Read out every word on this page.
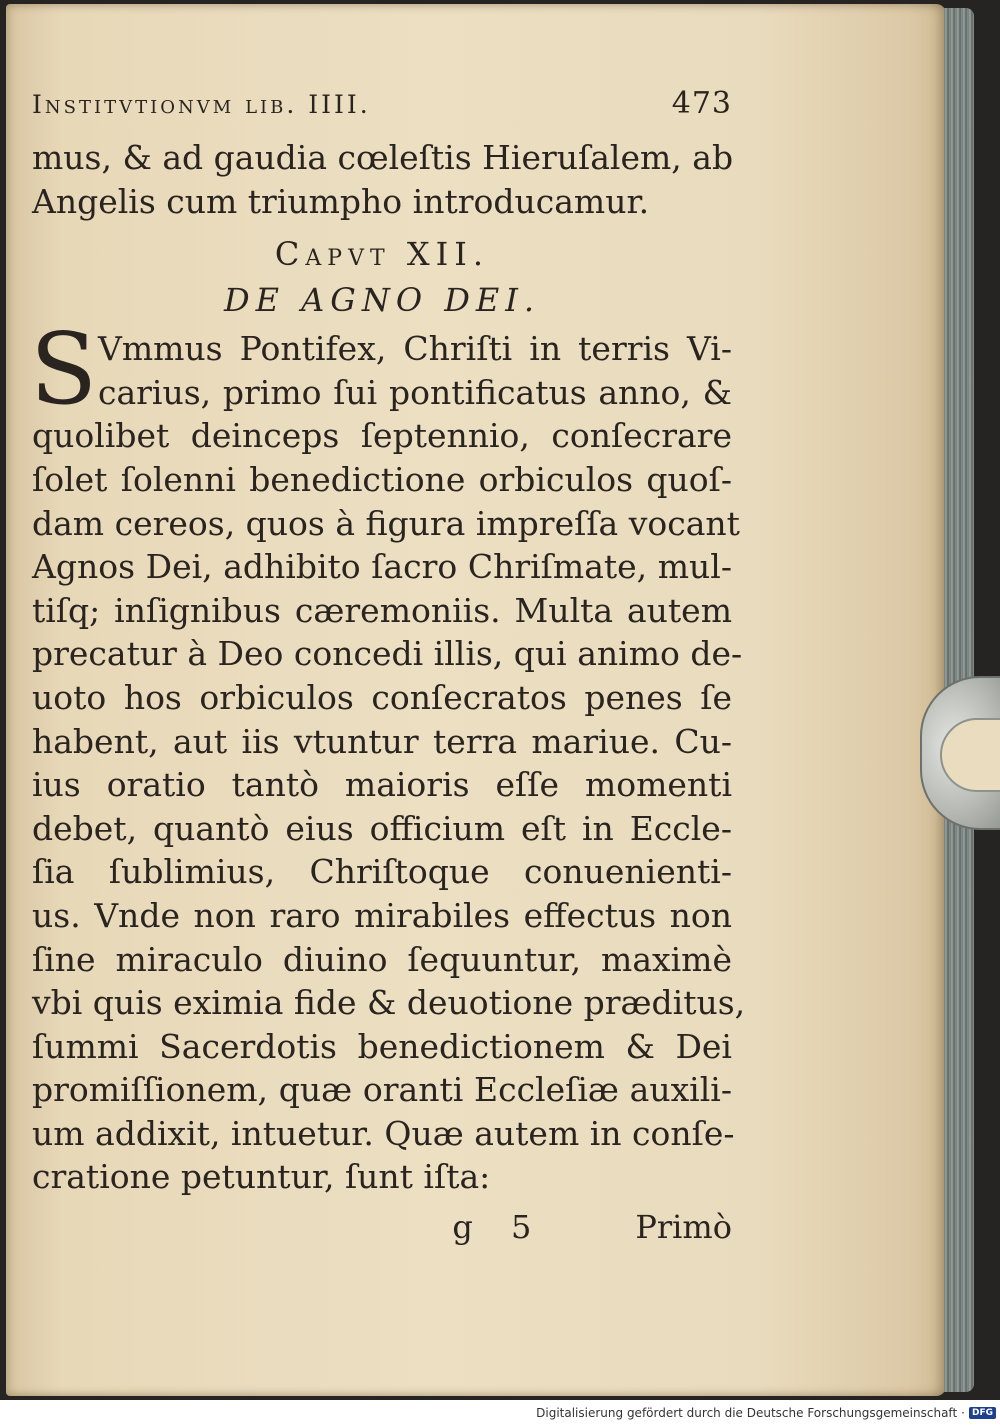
Institvtionvm lib. IIII.	473
mus, & ad gaudia cœleſtis Hieruſalem, ab
Angelis cum triumpho introducamur.
Capvt XII.
DE AGNO DEI.
S Vmmus Pontifex, Chriſti in terris Vi-
carius, primo ſui pontificatus anno, &
quolibet deinceps ſeptennio, conſecrare
ſolet ſolenni benedictione orbiculos quoſ-
dam cereos, quos à figura impreſſa vocant
Agnos Dei, adhibito ſacro Chriſmate, mul-
tiſq; inſignibus cæremoniis. Multa autem
precatur à Deo concedi illis, qui animo de-
uoto hos orbiculos conſecratos penes ſe
habent, aut iis vtuntur terra mariue. Cu-
ius oratio tantò maioris eſſe momenti
debet, quantò eius officium eſt in Eccle-
ſia ſublimius, Chriſtoque conuenienti-
us. Vnde non raro mirabiles effectus non
ſine miraculo diuino ſequuntur, maximè
vbi quis eximia fide & deuotione præditus,
ſummi Sacerdotis benedictionem & Dei
promiſſionem, quæ oranti Eccleſiæ auxili-
um addixit, intuetur. Quæ autem in conſe-
cratione petuntur, ſunt iſta:
g 5	Primò
Digitalisierung gefördert durch die Deutsche Forschungsgemeinschaft · DFG
